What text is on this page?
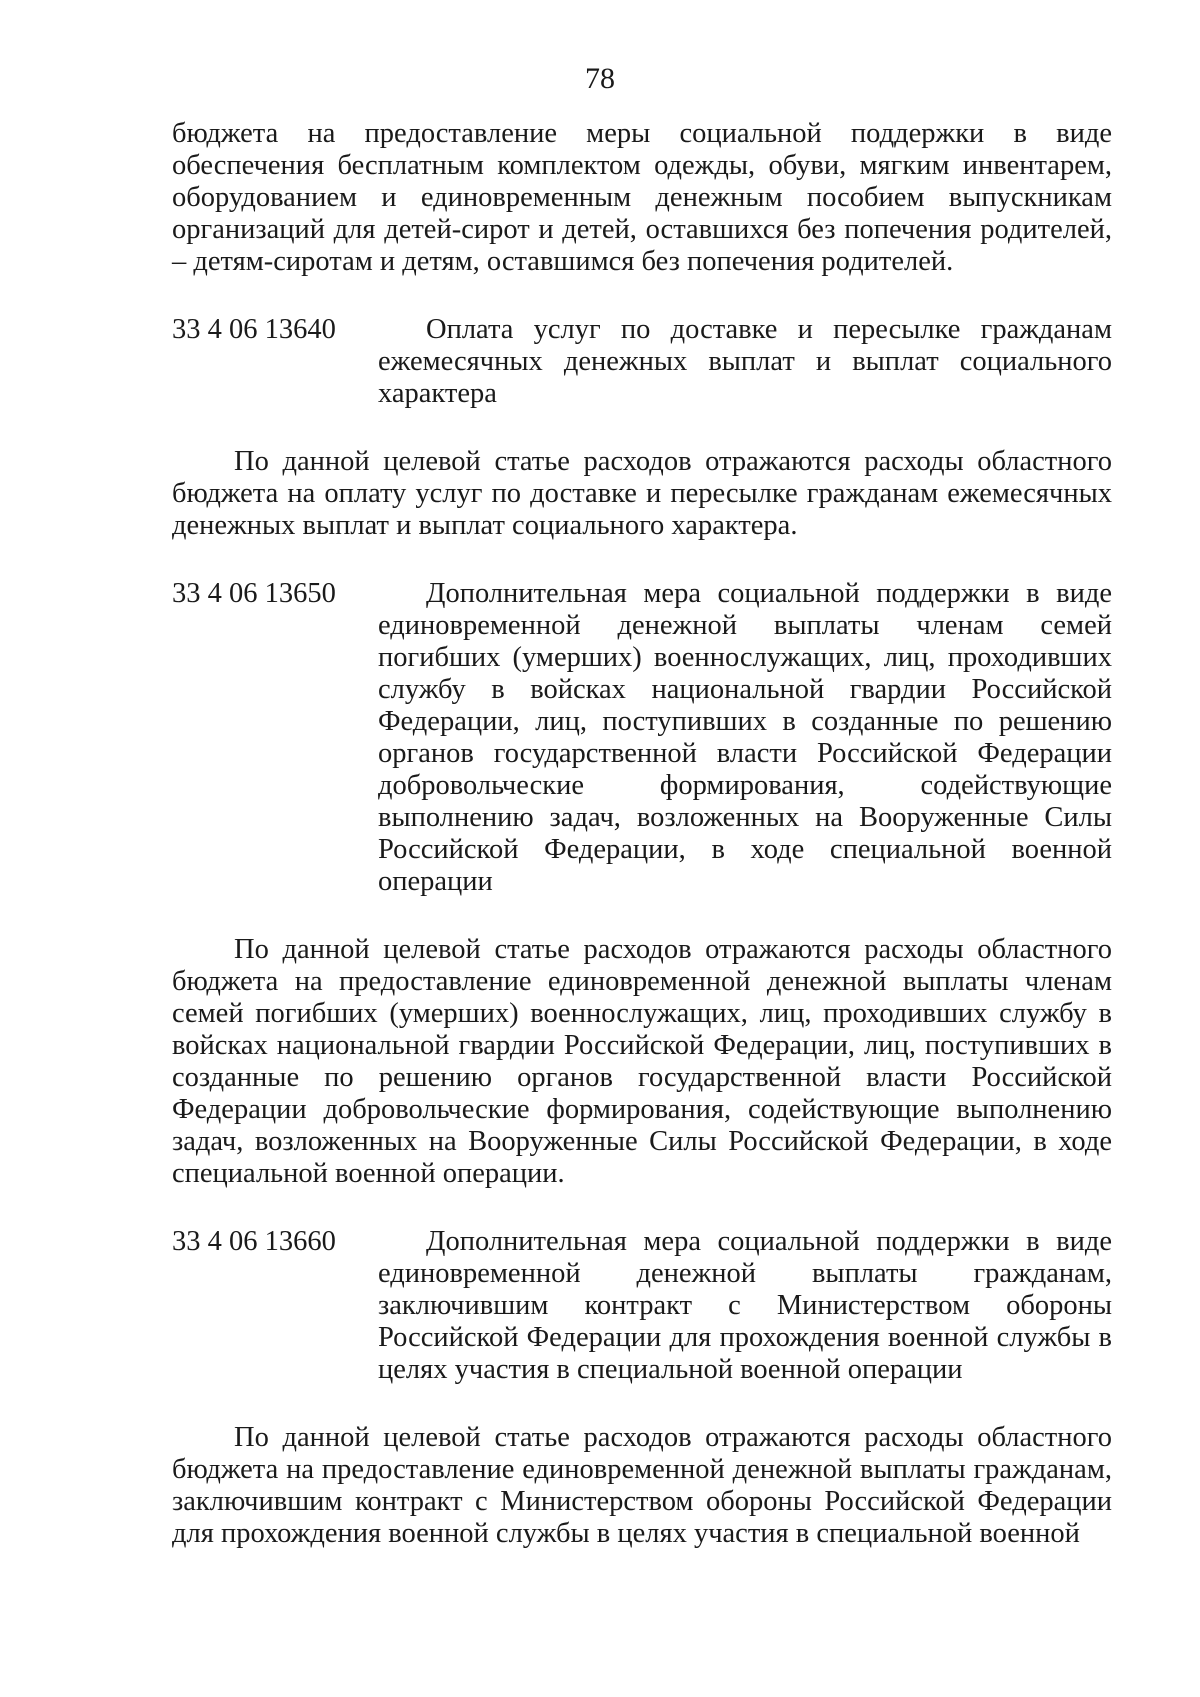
78

бюджета на предоставление меры социальной поддержки в виде обеспечения бесплатным комплектом одежды, обуви, мягким инвентарем, оборудованием и единовременным денежным пособием выпускникам организаций для детей-сирот и детей, оставшихся без попечения родителей, – детям-сиротам и детям, оставшимся без попечения родителей.

33 4 06 13640	Оплата услуг по доставке и пересылке гражданам ежемесячных денежных выплат и выплат социального характера

По данной целевой статье расходов отражаются расходы областного бюджета на оплату услуг по доставке и пересылке гражданам ежемесячных денежных выплат и выплат социального характера.

33 4 06 13650	Дополнительная мера социальной поддержки в виде единовременной денежной выплаты членам семей погибших (умерших) военнослужащих, лиц, проходивших службу в войсках национальной гвардии Российской Федерации, лиц, поступивших в созданные по решению органов государственной власти Российской Федерации добровольческие формирования, содействующие выполнению задач, возложенных на Вооруженные Силы Российской Федерации, в ходе специальной военной операции

По данной целевой статье расходов отражаются расходы областного бюджета на предоставление единовременной денежной выплаты членам семей погибших (умерших) военнослужащих, лиц, проходивших службу в войсках национальной гвардии Российской Федерации, лиц, поступивших в созданные по решению органов государственной власти Российской Федерации добровольческие формирования, содействующие выполнению задач, возложенных на Вооруженные Силы Российской Федерации, в ходе специальной военной операции.

33 4 06 13660	Дополнительная мера социальной поддержки в виде единовременной денежной выплаты гражданам, заключившим контракт с Министерством обороны Российской Федерации для прохождения военной службы в целях участия в специальной военной операции

По данной целевой статье расходов отражаются расходы областного бюджета на предоставление единовременной денежной выплаты гражданам, заключившим контракт с Министерством обороны Российской Федерации для прохождения военной службы в целях участия в специальной военной
